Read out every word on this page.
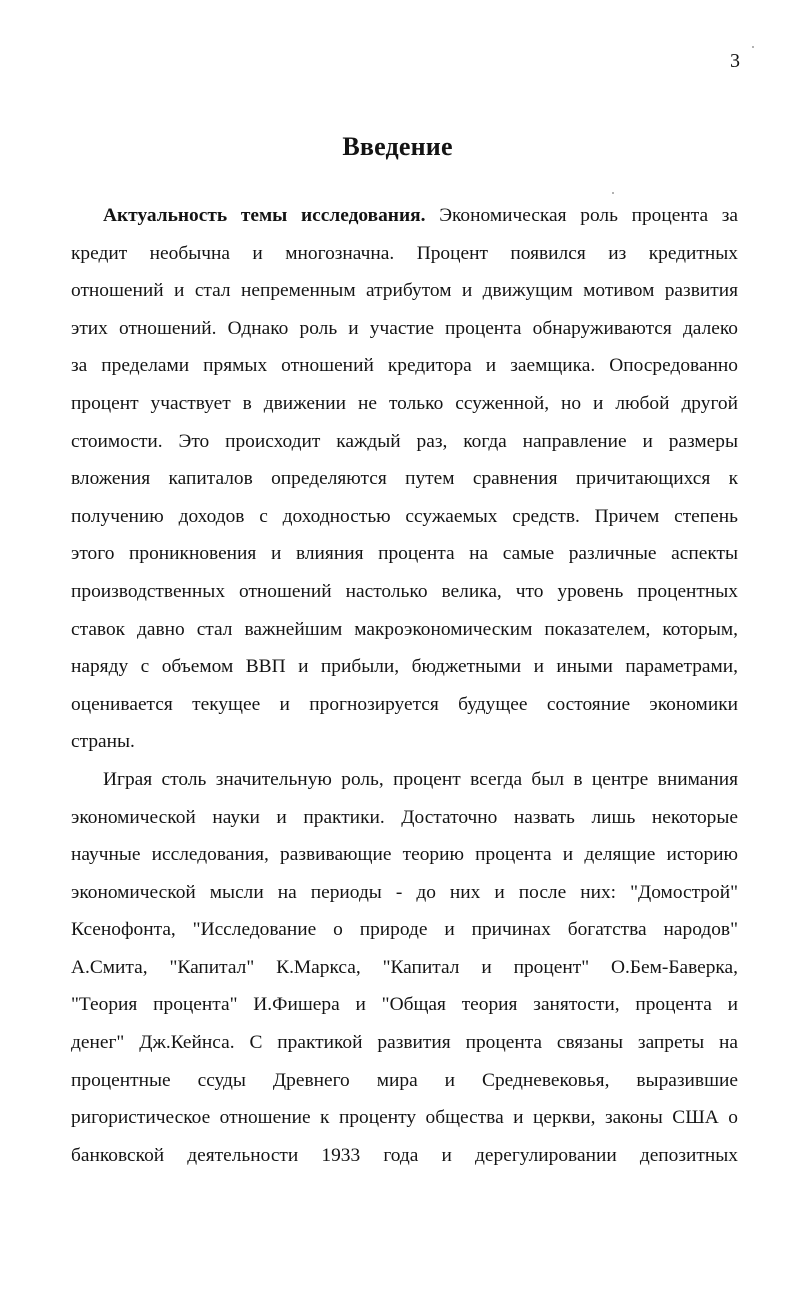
3
Введение
Актуальность темы исследования. Экономическая роль процента за
кредит необычна и многозначна. Процент появился из кредитных
отношений и стал непременным атрибутом и движущим мотивом развития
этих отношений. Однако роль и участие процента обнаруживаются далеко
за пределами прямых отношений кредитора и заемщика. Опосредованно
процент участвует в движении не только ссуженной, но и любой другой
стоимости. Это происходит каждый раз, когда направление и размеры
вложения капиталов определяются путем сравнения причитающихся к
получению доходов с доходностью ссужаемых средств. Причем степень
этого проникновения и влияния процента на самые различные аспекты
производственных отношений настолько велика, что уровень процентных
ставок давно стал важнейшим макроэкономическим показателем, которым,
наряду с объемом ВВП и прибыли, бюджетными и иными параметрами,
оценивается текущее и прогнозируется будущее состояние экономики
страны.
Играя столь значительную роль, процент всегда был в центре внимания
экономической науки и практики. Достаточно назвать лишь некоторые
научные исследования, развивающие теорию процента и делящие историю
экономической мысли на периоды - до них и после них: "Домострой"
Ксенофонта, "Исследование о природе и причинах богатства народов"
А.Смита, "Капитал" К.Маркса, "Капитал и процент" О.Бем-Баверка,
"Теория процента" И.Фишера и "Общая теория занятости, процента и
денег" Дж.Кейнса. С практикой развития процента связаны запреты на
процентные ссуды Древнего мира и Средневековья, выразившие
ригористическое отношение к проценту общества и церкви, законы США о
банковской деятельности 1933 года и дерегулировании депозитных
